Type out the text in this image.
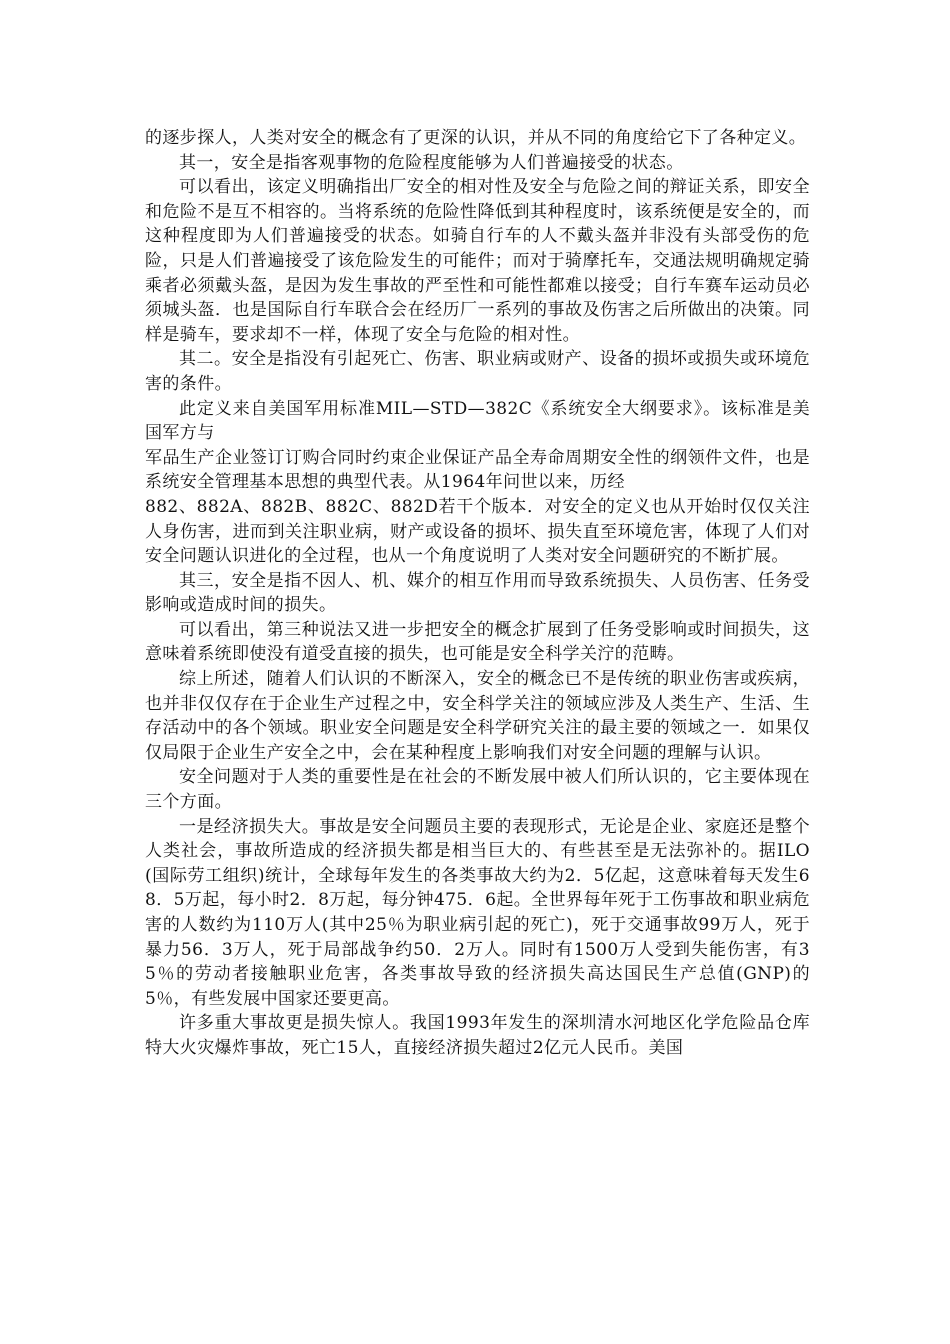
的逐步探人，人类对安全的概念有了更深的认识，并从不同的角度给它下了各种定义。

其一，安全是指客观事物的危险程度能够为人们普遍接受的状态。

可以看出，该定义明确指出厂安全的相对性及安全与危险之间的辩证关系，即安全和危险不是互不相容的。当将系统的危险性降低到其种程度时，该系统便是安全的，而这种程度即为人们普遍接受的状态。如骑自行车的人不戴头盔并非没有头部受伤的危险，只是人们普遍接受了该危险发生的可能件；而对于骑摩托车，交通法规明确规定骑乘者必须戴头盔，是因为发生事故的严至性和可能性都难以接受；自行车赛车运动员必须城头盔．也是国际自行车联合会在经历厂一系列的事故及伤害之后所做出的决策。同样是骑车，要求却不一样，体现了安全与危险的相对性。

其二。安全是指没有引起死亡、伤害、职业病或财产、设备的损坏或损失或环境危害的条件。

此定义来自美国军用标准MIL—STD—382C《系统安全大纲要求》。该标准是美国军方与

军品生产企业签订订购合同时约束企业保证产品全寿命周期安全性的纲领件文件，也是系统安全管理基本思想的典型代表。从1964年问世以来，历经

882、882A、882B、882C、882D若干个版本．对安全的定义也从开始时仅仅关注人身伤害，进而到关注职业病，财产或设备的损坏、损失直至环境危害，体现了人们对安全问题认识进化的全过程，也从一个角度说明了人类对安全问题研究的不断扩展。

其三，安全是指不因人、机、媒介的相互作用而导致系统损失、人员伤害、任务受影响或造成时间的损失。

可以看出，第三种说法又进一步把安全的概念扩展到了任务受影响或时间损失，这意味着系统即使没有道受直接的损失，也可能是安全科学关泞的范畴。

综上所述，随着人们认识的不断深入，安全的概念已不是传统的职业伤害或疾病，也并非仅仅存在于企业生产过程之中，安全科学关注的领域应涉及人类生产、生活、生存活动中的各个领域。职业安全问题是安全科学研究关注的最主要的领域之一．如果仅仅局限于企业生产安全之中，会在某种程度上影响我们对安全问题的理解与认识。

安全问题对于人类的重要性是在社会的不断发展中被人们所认识的，它主要体现在三个方面。

一是经济损失大。事故是安全问题员主要的表现形式，无论是企业、家庭还是整个人类社会，事故所造成的经济损失都是相当巨大的、有些甚至是无法弥补的。据ILO(国际劳工组织)统计，全球每年发生的各类事故大约为2．5亿起，这意味着每天发生68．5万起，每小时2．8万起，每分钟475．6起。全世界每年死于工伤事故和职业病危害的人数约为110万人(其中25％为职业病引起的死亡)，死于交通事故99万人，死于暴力56．3万人，死于局部战争约50．2万人。同时有1500万人受到失能伤害，有35％的劳动者接触职业危害，各类事故导致的经济损失高达国民生产总值(GNP)的5％，有些发展中国家还要更高。

许多重大事故更是损失惊人。我国1993年发生的深圳清水河地区化学危险品仓库特大火灾爆炸事故，死亡15人，直接经济损失超过2亿元人民币。美国
